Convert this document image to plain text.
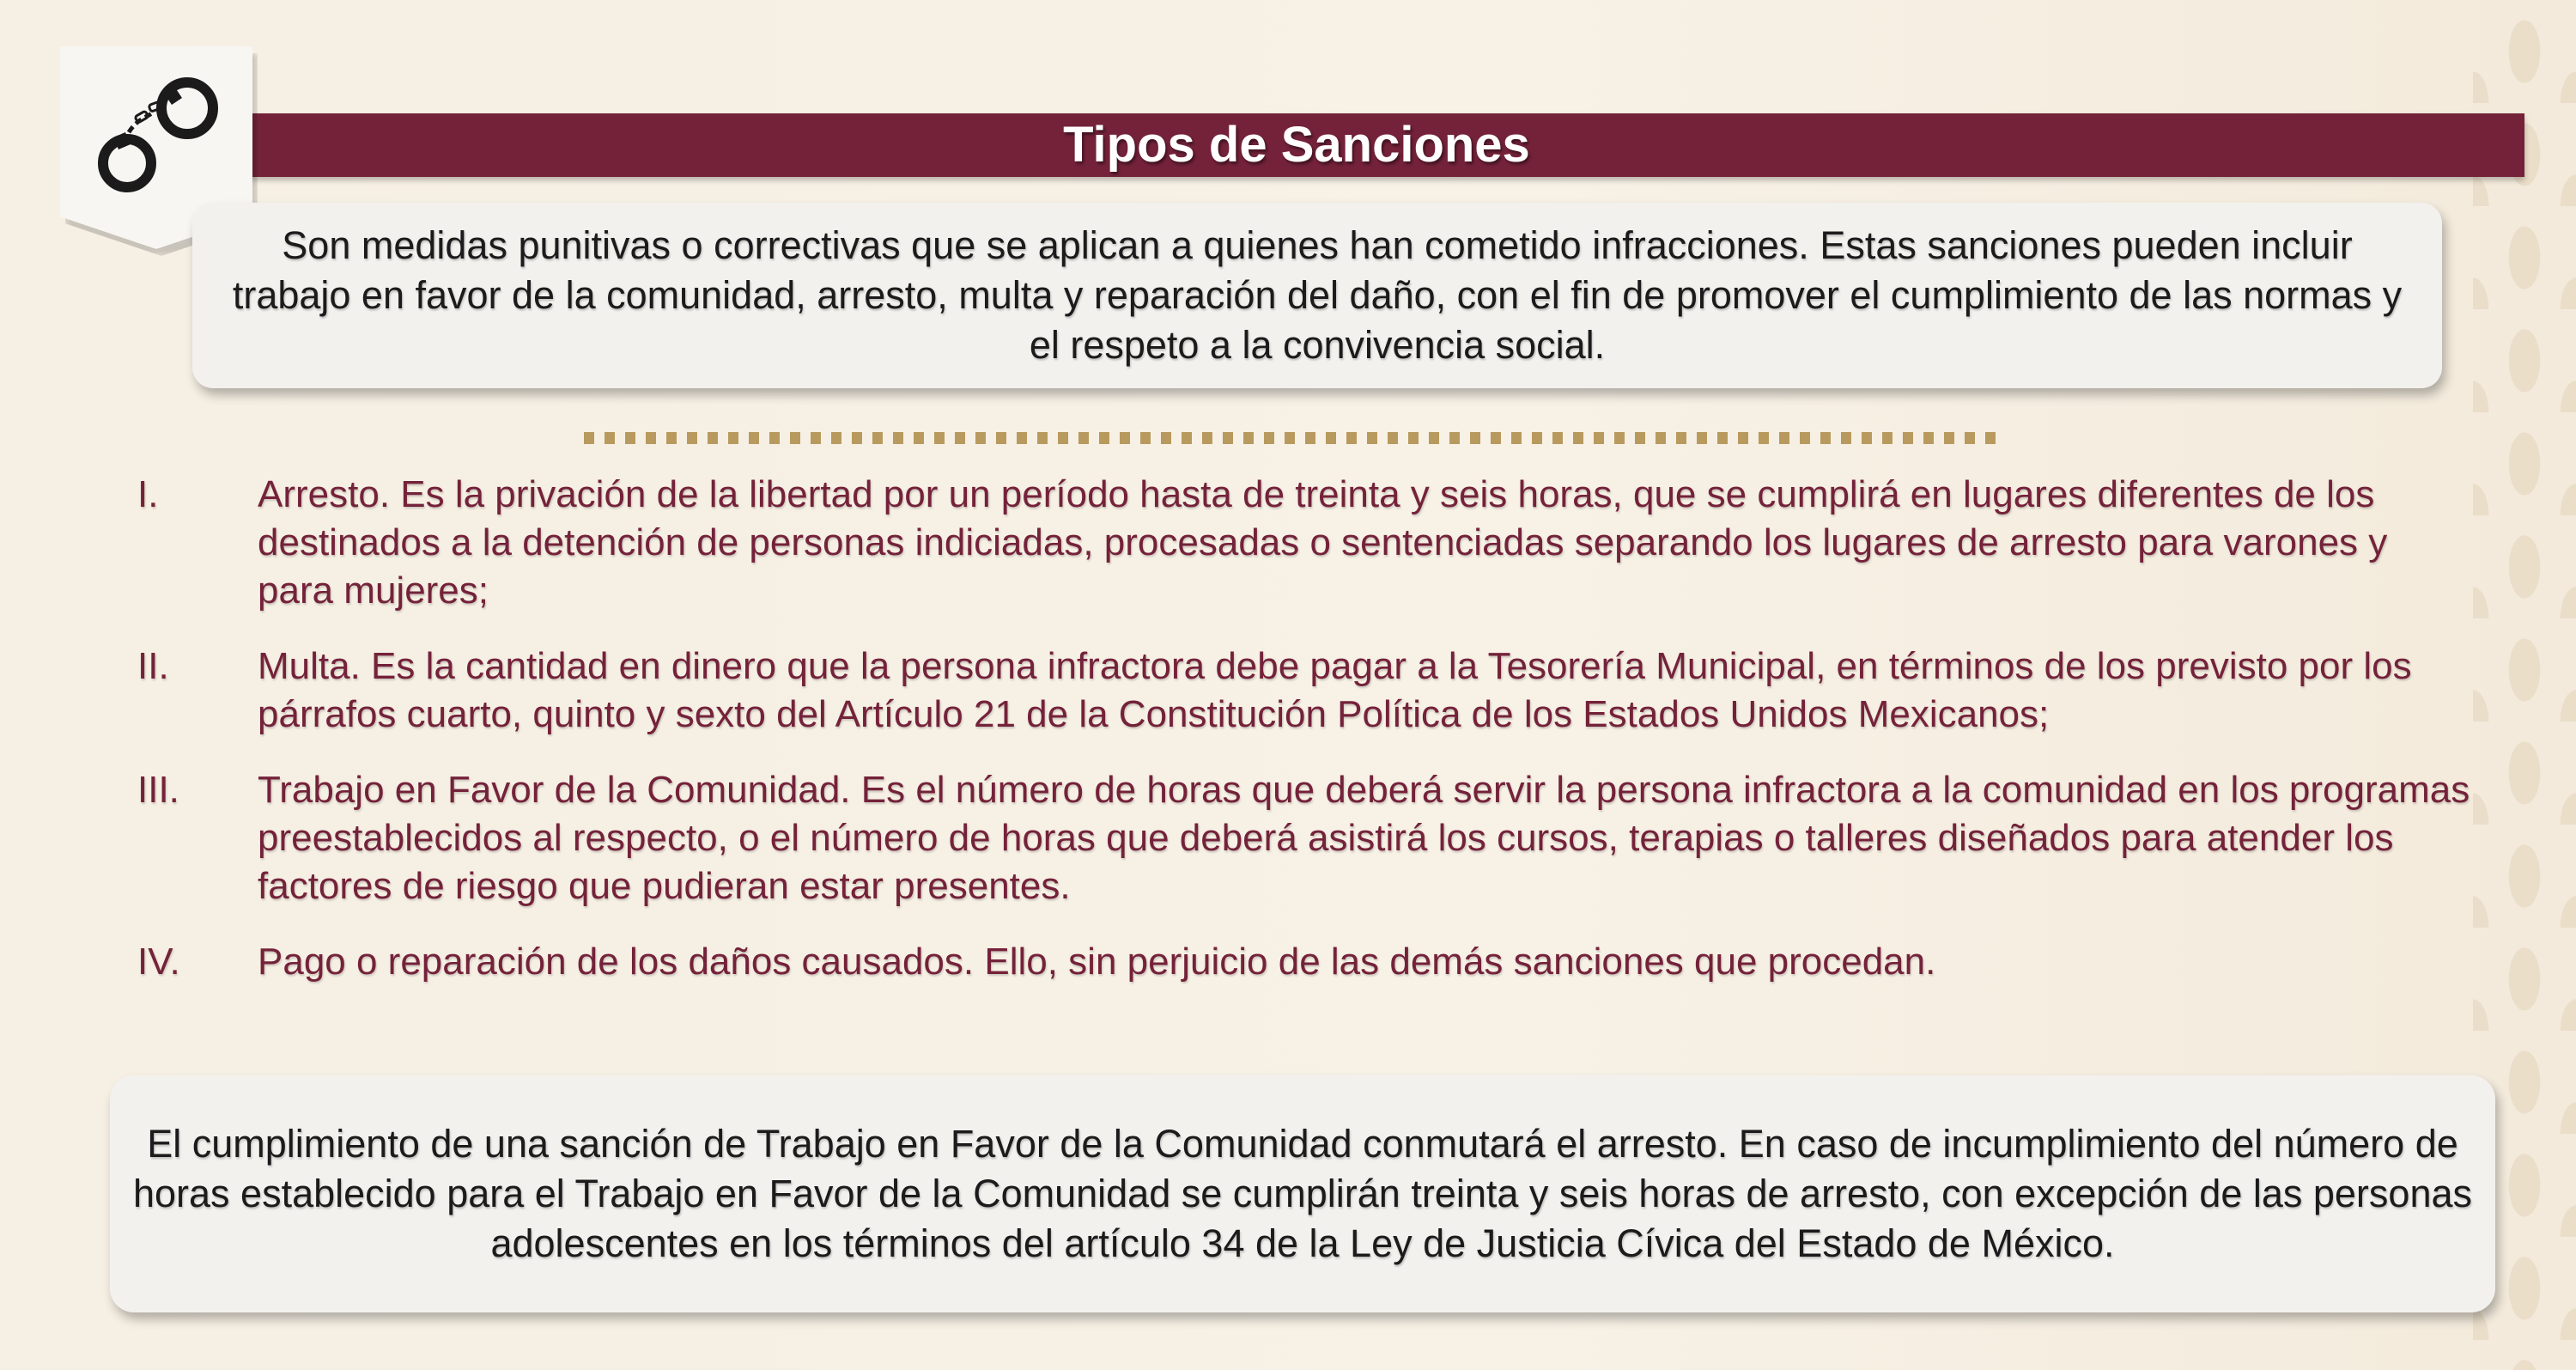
Tipos de Sanciones
Son medidas punitivas o correctivas que se aplican a quienes han cometido infracciones. Estas sanciones pueden incluir trabajo en favor de la comunidad, arresto, multa y reparación del daño, con el fin de promover el cumplimiento de las normas y el respeto a la convivencia social.
I.	Arresto. Es la privación de la libertad por un período hasta de treinta y seis horas, que se cumplirá en lugares diferentes de los destinados a la detención de personas indiciadas, procesadas o sentenciadas separando los lugares de arresto para varones y para mujeres;
II.	Multa. Es la cantidad en dinero que la persona infractora debe pagar a la Tesorería Municipal, en términos de los previsto por los párrafos cuarto, quinto y sexto del Artículo 21 de la Constitución Política de los Estados Unidos Mexicanos;
III.	Trabajo en Favor de la Comunidad. Es el número de horas que deberá servir la persona infractora a la comunidad en los programas preestablecidos al respecto, o el número de horas que deberá asistirá los cursos, terapias o talleres diseñados para atender los factores de riesgo que pudieran estar presentes.
IV.	Pago o reparación de los daños causados. Ello, sin perjuicio de las demás sanciones que procedan.
El cumplimiento de una sanción de Trabajo en Favor de la Comunidad conmutará el arresto. En caso de incumplimiento del número de horas establecido para el Trabajo en Favor de la Comunidad se cumplirán treinta y seis horas de arresto, con excepción de las personas adolescentes en los términos del artículo 34 de la Ley de Justicia Cívica del Estado de México.
